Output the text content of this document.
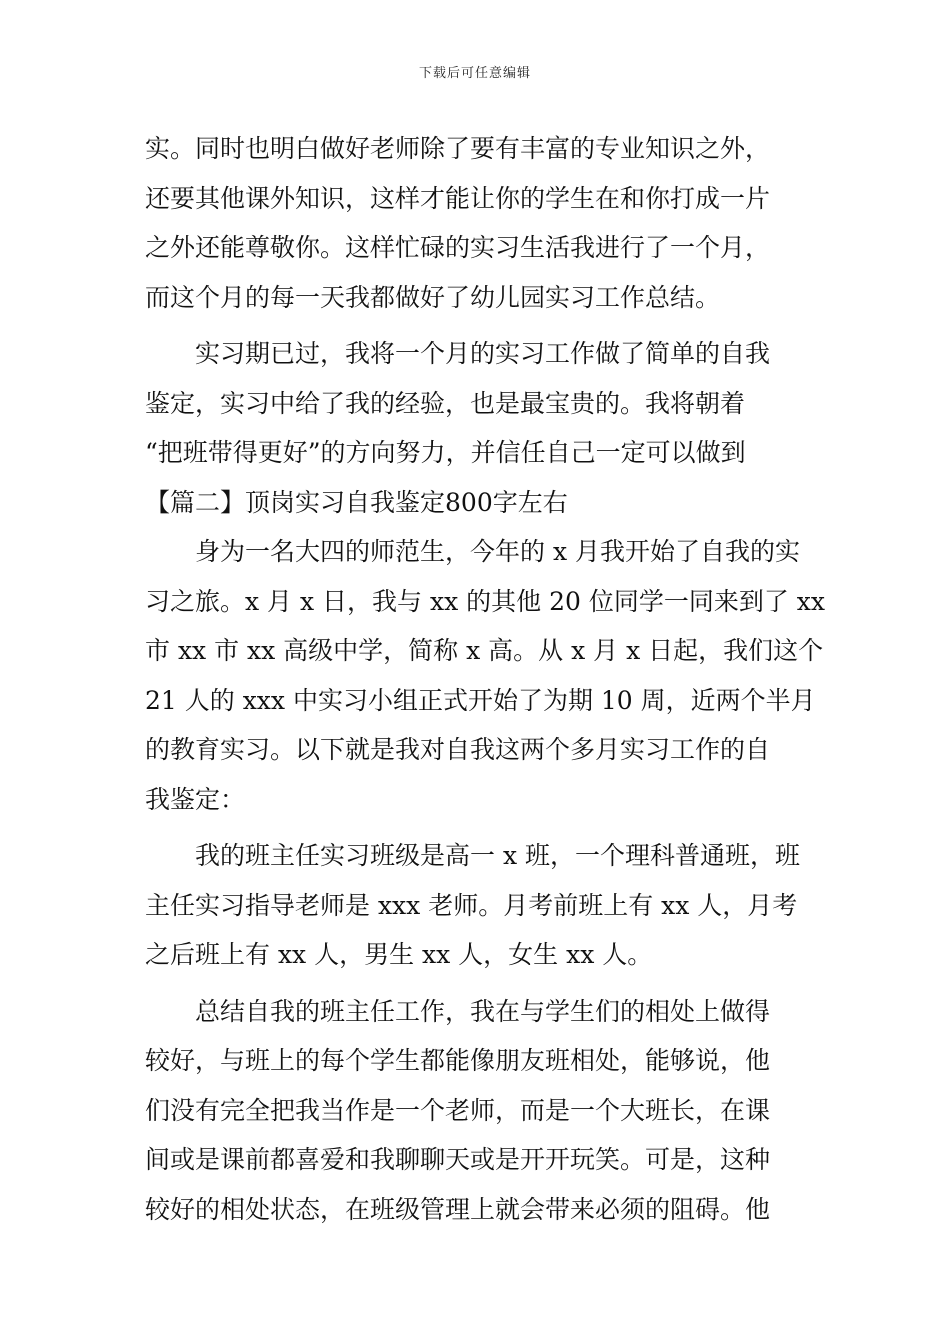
下载后可任意编辑
实。同时也明白做好老师除了要有丰富的专业知识之外，
还要其他课外知识，这样才能让你的学生在和你打成一片
之外还能尊敬你。这样忙碌的实习生活我进行了一个月，
而这个月的每一天我都做好了幼儿园实习工作总结。
实习期已过，我将一个月的实习工作做了简单的自我
鉴定，实习中给了我的经验，也是最宝贵的。我将朝着
“把班带得更好”的方向努力，并信任自己一定可以做到
【篇二】顶岗实习自我鉴定800字左右
身为一名大四的师范生，今年的 x 月我开始了自我的实
习之旅。x 月 x 日，我与 xx 的其他 20 位同学一同来到了 xx
市 xx 市 xx 高级中学，简称 x 高。从 x 月 x 日起，我们这个
21 人的 xxx 中实习小组正式开始了为期 10 周，近两个半月
的教育实习。以下就是我对自我这两个多月实习工作的自
我鉴定：
我的班主任实习班级是高一 x 班，一个理科普通班，班
主任实习指导老师是 xxx 老师。月考前班上有 xx 人，月考
之后班上有 xx 人，男生 xx 人，女生 xx 人。
总结自我的班主任工作，我在与学生们的相处上做得
较好，与班上的每个学生都能像朋友班相处，能够说，他
们没有完全把我当作是一个老师，而是一个大班长，在课
间或是课前都喜爱和我聊聊天或是开开玩笑。可是，这种
较好的相处状态，在班级管理上就会带来必须的阻碍。他
